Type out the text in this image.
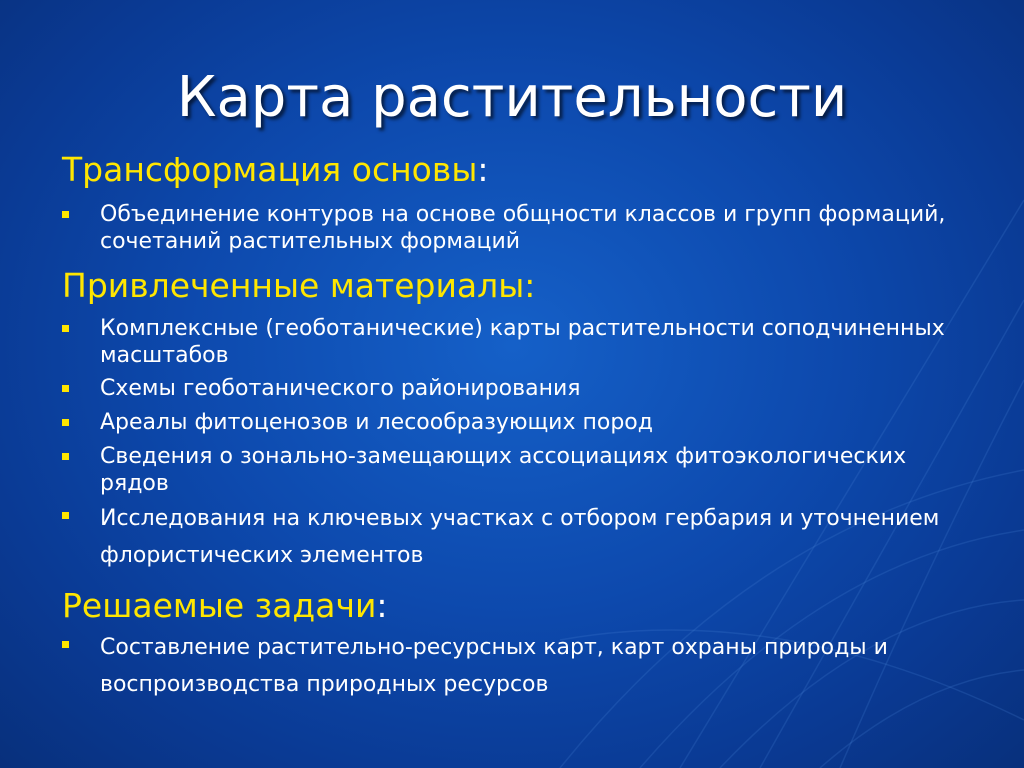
Карта растительности
Трансформация основы:
Объединение контуров на основе общности классов и групп формаций, сочетаний растительных формаций
Привлеченные материалы:
Комплексные (геоботанические) карты растительности соподчиненных масштабов
Схемы геоботанического районирования
Ареалы фитоценозов и лесообразующих пород
Сведения о зонально-замещающих ассоциациях фитоэкологических рядов
Исследования на ключевых участках с отбором гербария и уточнением флористических элементов
Решаемые задачи:
Составление растительно-ресурсных карт, карт охраны природы и воспроизводства природных ресурсов
